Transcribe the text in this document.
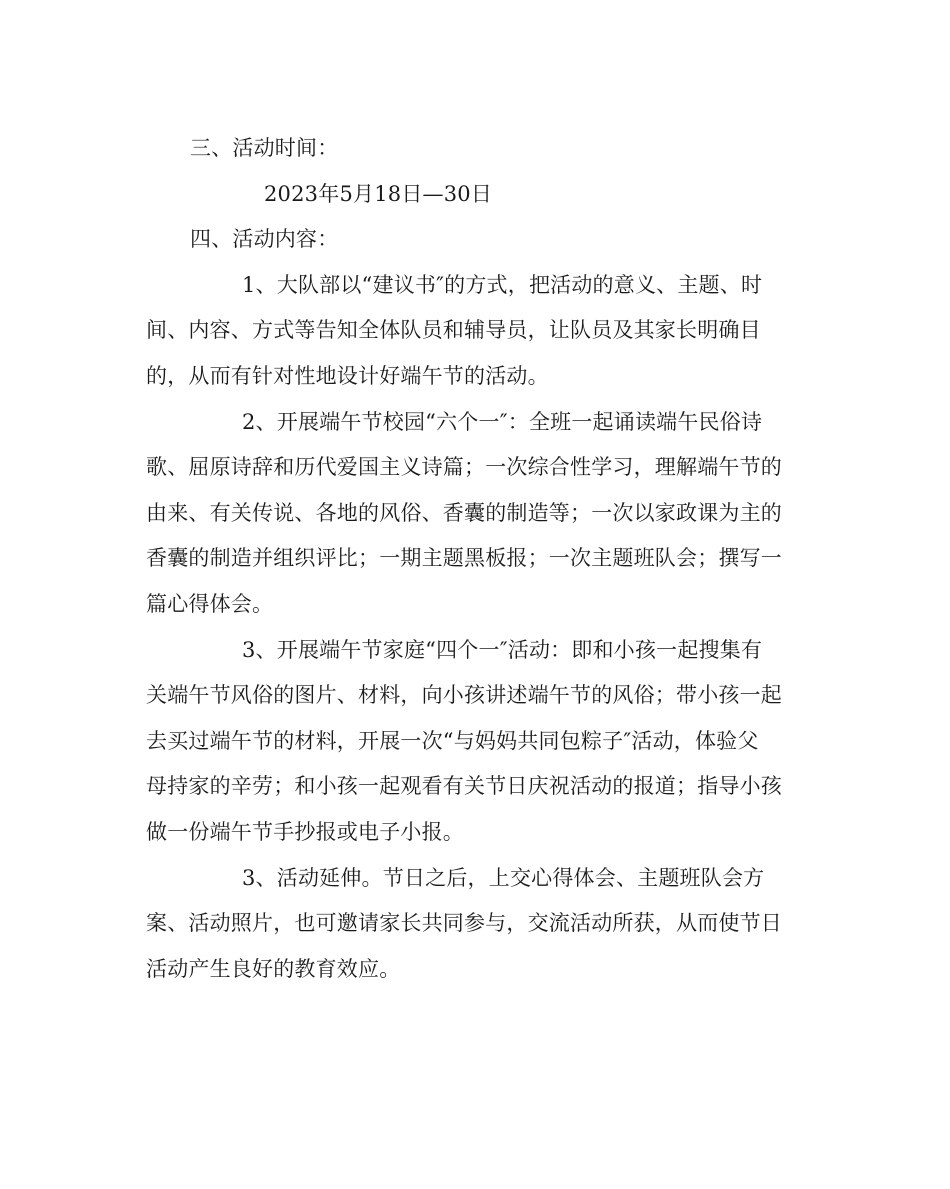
三、活动时间：
2023年5月18日—30日
四、活动内容：
1、大队部以“建议书″的方式，把活动的意义、主题、时
间、内容、方式等告知全体队员和辅导员，让队员及其家长明确目
的，从而有针对性地设计好端午节的活动。
2、开展端午节校园“六个一″：全班一起诵读端午民俗诗
歌、屈原诗辞和历代爱国主义诗篇；一次综合性学习，理解端午节的
由来、有关传说、各地的风俗、香囊的制造等；一次以家政课为主的
香囊的制造并组织评比；一期主题黑板报；一次主题班队会；撰写一
篇心得体会。
3、开展端午节家庭“四个一″活动：即和小孩一起搜集有
关端午节风俗的图片、材料，向小孩讲述端午节的风俗；带小孩一起
去买过端午节的材料，开展一次“与妈妈共同包粽子″活动，体验父
母持家的辛劳；和小孩一起观看有关节日庆祝活动的报道；指导小孩
做一份端午节手抄报或电子小报。
3、活动延伸。节日之后，上交心得体会、主题班队会方
案、活动照片，也可邀请家长共同参与，交流活动所获，从而使节日
活动产生良好的教育效应。
